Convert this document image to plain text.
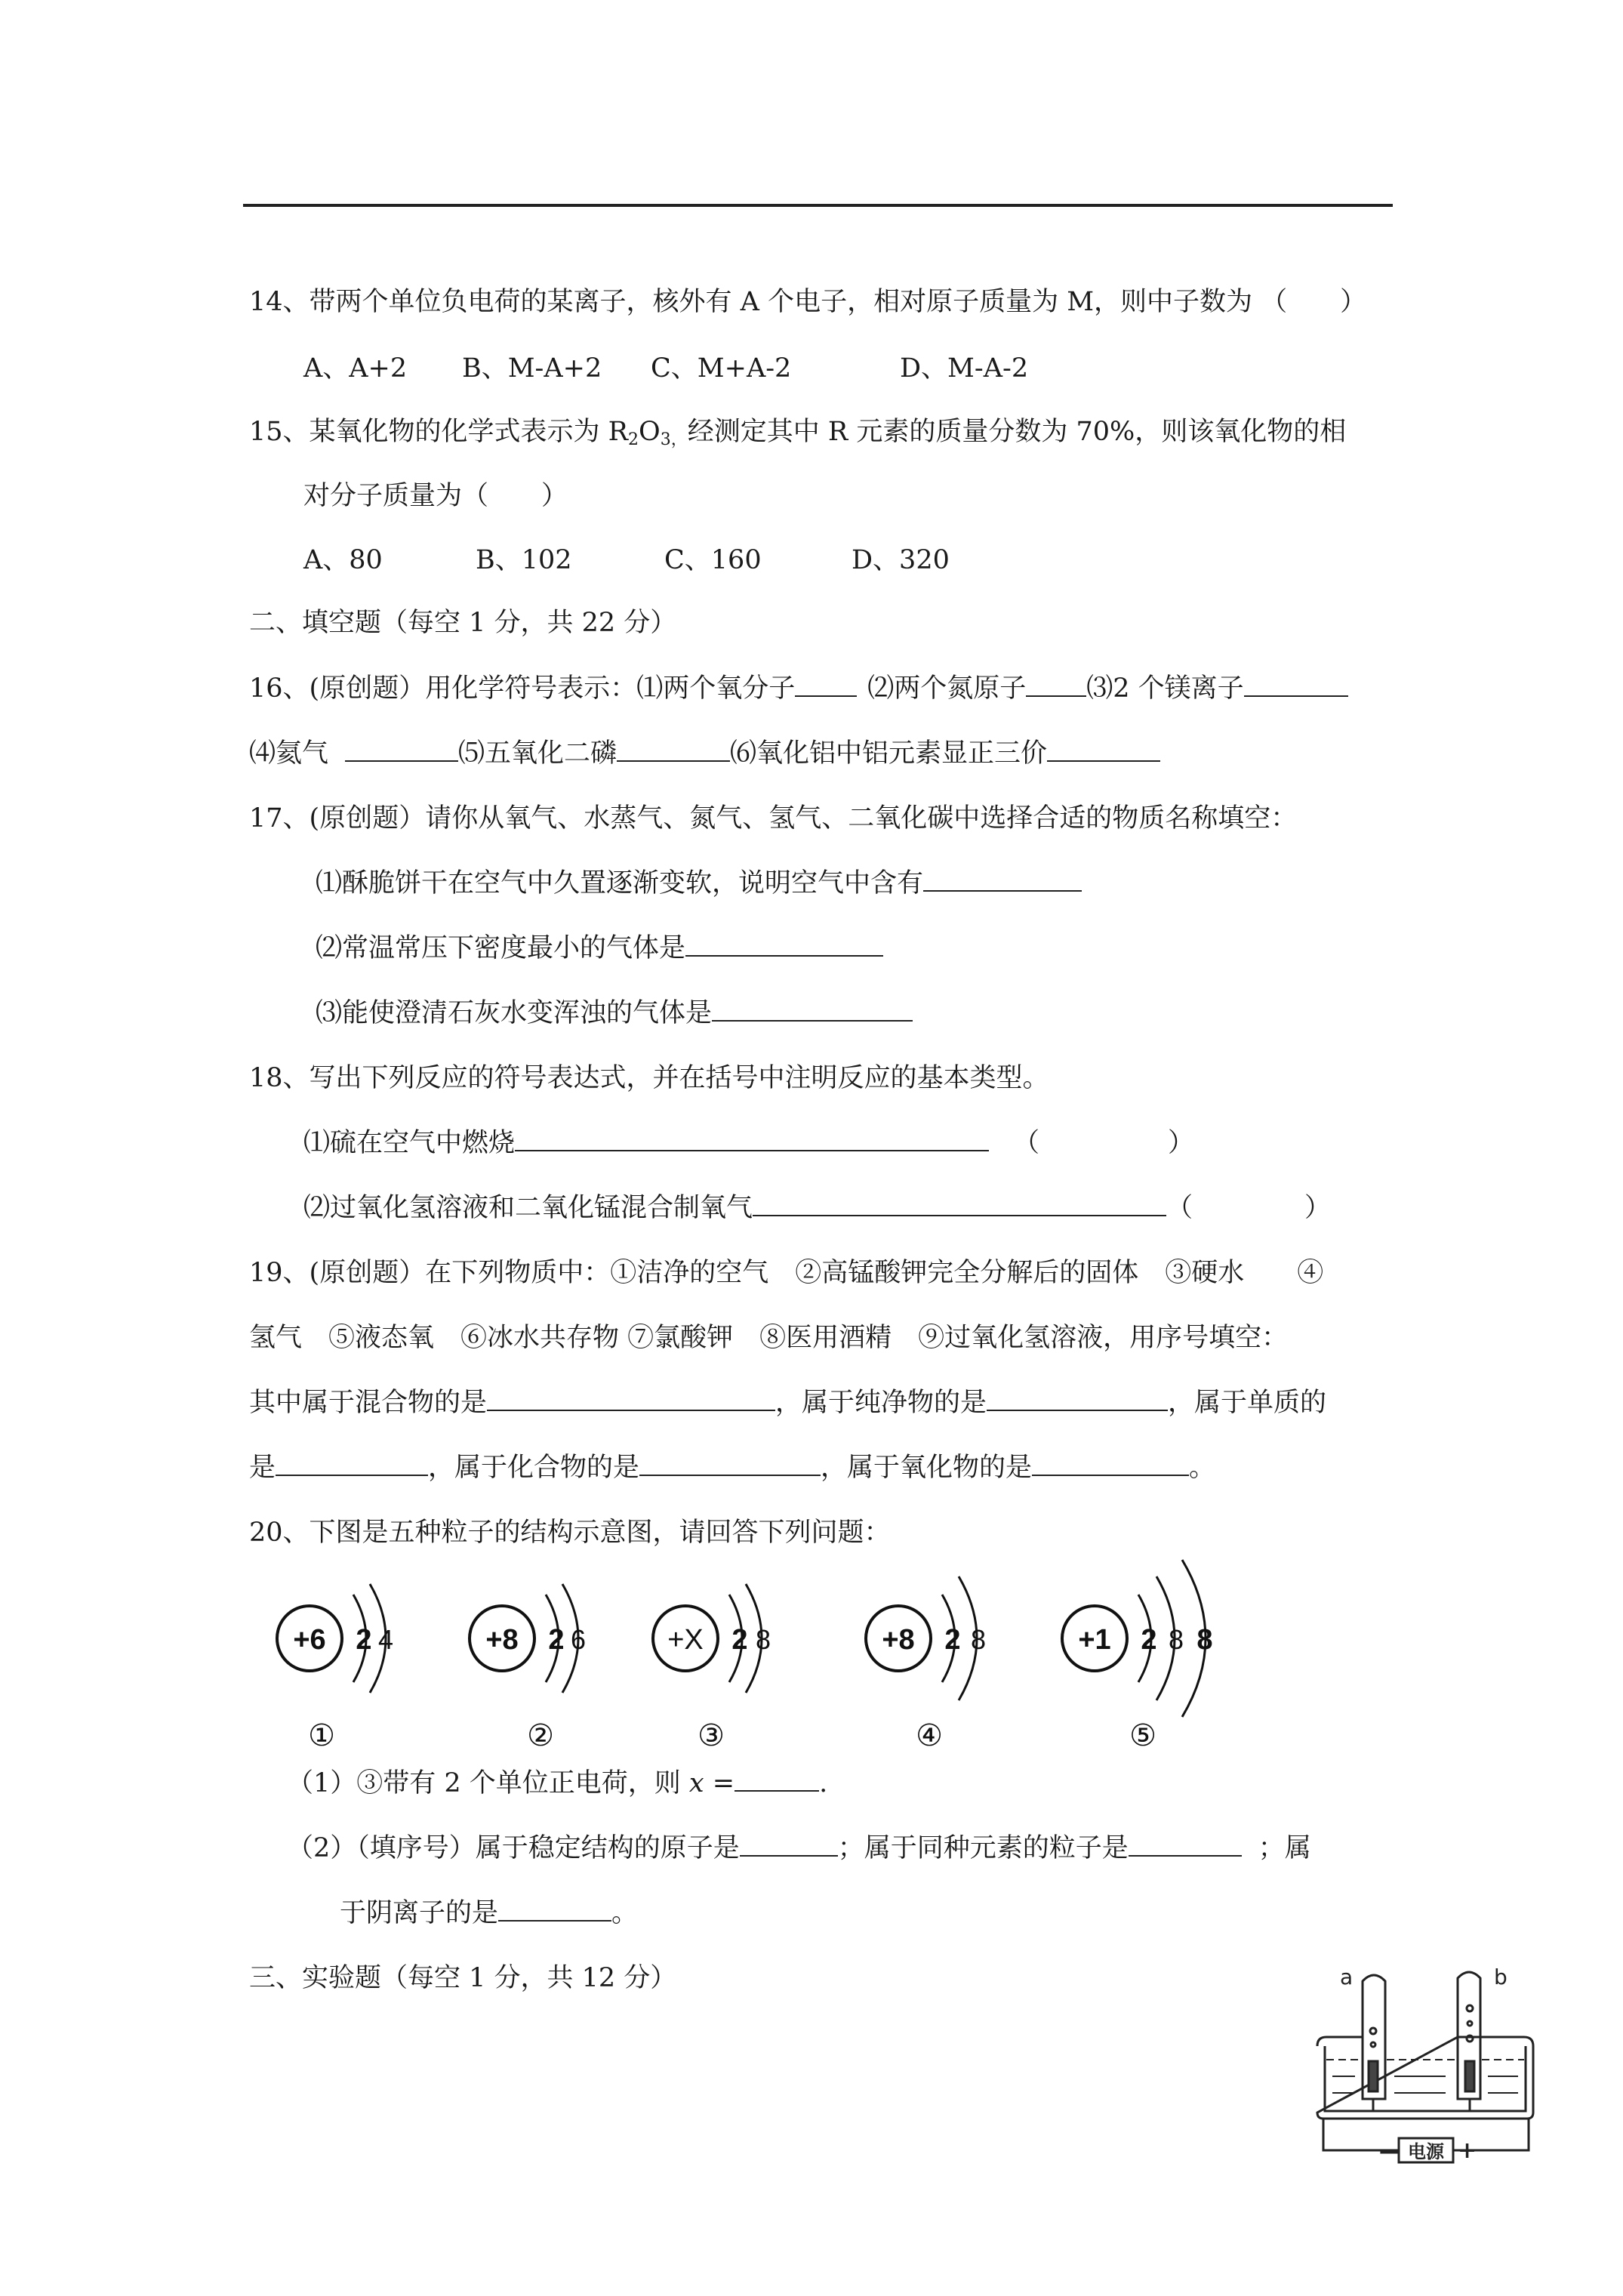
14、带两个单位负电荷的某离子，核外有 A 个电子，相对原子质量为 M，则中子数为 （　　）
A、A+2 B、M-A+2 C、M+A-2	D、M-A-2
15、某氧化物的化学式表示为 $R_2O_{3,}$经测定其中 R 元素的质量分数为 70%，则该氧化物的相
对分子质量为（　　）
A、80	B、102	C、160	D、320
二、填空题（每空 1 分，共 22 分）
16、(原创题）用化学符号表示：⑴两个氧分子	⑵两个氮原子 ⑶2 个镁离子
⑷氦气	⑸五氧化二磷	⑹氧化铝中铝元素显正三价
17、(原创题）请你从氧气、水蒸气、氮气、氢气、二氧化碳中选择合适的物质名称填空：
⑴酥脆饼干在空气中久置逐渐变软，说明空气中含有
⑵常温常压下密度最小的气体是
⑶能使澄清石灰水变浑浊的气体是
18、写出下列反应的符号表达式，并在括号中注明反应的基本类型。
⑴硫在空气中燃烧	（	）
⑵过氧化氢溶液和二氧化锰混合制氧气	（	）
19、(原创题）在下列物质中：①洁净的空气　②高锰酸钾完全分解后的固体　③硬水　　④
氢气　⑤液态氧　⑥冰水共存物 ⑦氯酸钾　⑧医用酒精　⑨过氧化氢溶液，用序号填空：
其中属于混合物的是	，属于纯净物的是	，属于单质的
是	，属于化合物的是	，属于氧化物的是	。
20、下图是五种粒子的结构示意图，请回答下列问题：
+6 2 4	+8 2 6	+X 2 8	+8 2 8	+1 2 8 8
①	②	③	④	⑤
（1）③带有 2 个单位正电荷，则 x =	.
（2）（填序号）属于稳定结构的原子是	；属于同种元素的粒子是	；属
于阴离子的是	。
三、实验题（每空 1 分，共 12 分）	a	b
电源
—	+
